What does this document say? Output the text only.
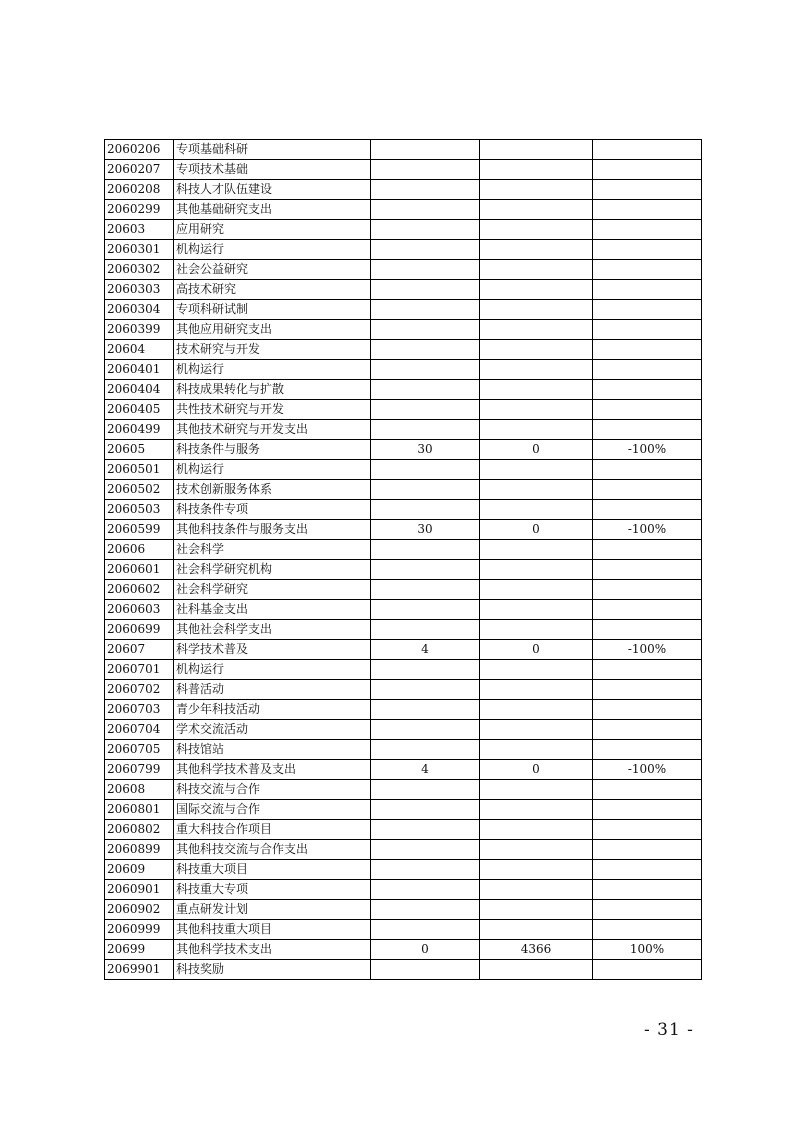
2060206	专项基础科研			
2060207	专项技术基础			
2060208	科技人才队伍建设			
2060299	其他基础研究支出			
20603	应用研究			
2060301	机构运行			
2060302	社会公益研究			
2060303	高技术研究			
2060304	专项科研试制			
2060399	其他应用研究支出			
20604	技术研究与开发			
2060401	机构运行			
2060404	科技成果转化与扩散			
2060405	共性技术研究与开发			
2060499	其他技术研究与开发支出			
20605	科技条件与服务	30	0	-100%
2060501	机构运行			
2060502	技术创新服务体系			
2060503	科技条件专项			
2060599	其他科技条件与服务支出	30	0	-100%
20606	社会科学			
2060601	社会科学研究机构			
2060602	社会科学研究			
2060603	社科基金支出			
2060699	其他社会科学支出			
20607	科学技术普及	4	0	-100%
2060701	机构运行			
2060702	科普活动			
2060703	青少年科技活动			
2060704	学术交流活动			
2060705	科技馆站			
2060799	其他科学技术普及支出	4	0	-100%
20608	科技交流与合作			
2060801	国际交流与合作			
2060802	重大科技合作项目			
2060899	其他科技交流与合作支出			
20609	科技重大项目			
2060901	科技重大专项			
2060902	重点研发计划			
2060999	其他科技重大项目			
20699	其他科学技术支出	0	4366	100%
2069901	科技奖励			
- 31 -
